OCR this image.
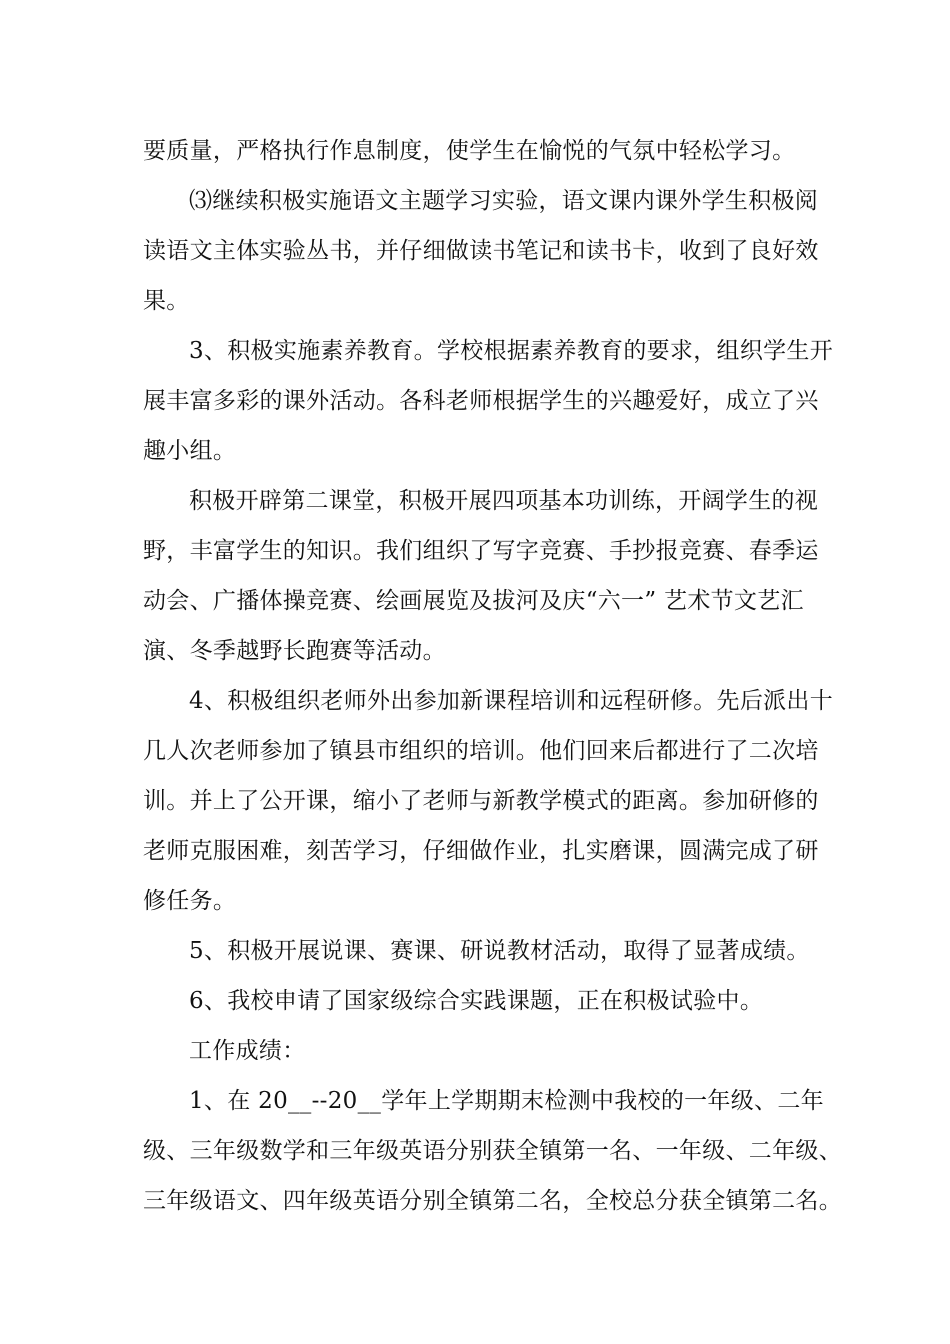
要质量，严格执行作息制度，使学生在愉悦的气氛中轻松学习。
⑶继续积极实施语文主题学习实验，语文课内课外学生积极阅
读语文主体实验丛书，并仔细做读书笔记和读书卡，收到了良好效
果。
3、积极实施素养教育。学校根据素养教育的要求，组织学生开
展丰富多彩的课外活动。各科老师根据学生的兴趣爱好，成立了兴
趣小组。
积极开辟第二课堂，积极开展四项基本功训练，开阔学生的视
野，丰富学生的知识。我们组织了写字竞赛、手抄报竞赛、春季运
动会、广播体操竞赛、绘画展览及拔河及庆“六一” 艺术节文艺汇
演、冬季越野长跑赛等活动。
4、积极组织老师外出参加新课程培训和远程研修。先后派出十
几人次老师参加了镇县市组织的培训。他们回来后都进行了二次培
训。并上了公开课，缩小了老师与新教学模式的距离。参加研修的
老师克服困难，刻苦学习，仔细做作业，扎实磨课，圆满完成了研
修任务。
5、积极开展说课、赛课、研说教材活动，取得了显著成绩。
6、我校申请了国家级综合实践课题，正在积极试验中。
工作成绩：
1、在 20__--20__学年上学期期末检测中我校的一年级、二年
级、三年级数学和三年级英语分别获全镇第一名、一年级、二年级、
三年级语文、四年级英语分别全镇第二名，全校总分获全镇第二名。
